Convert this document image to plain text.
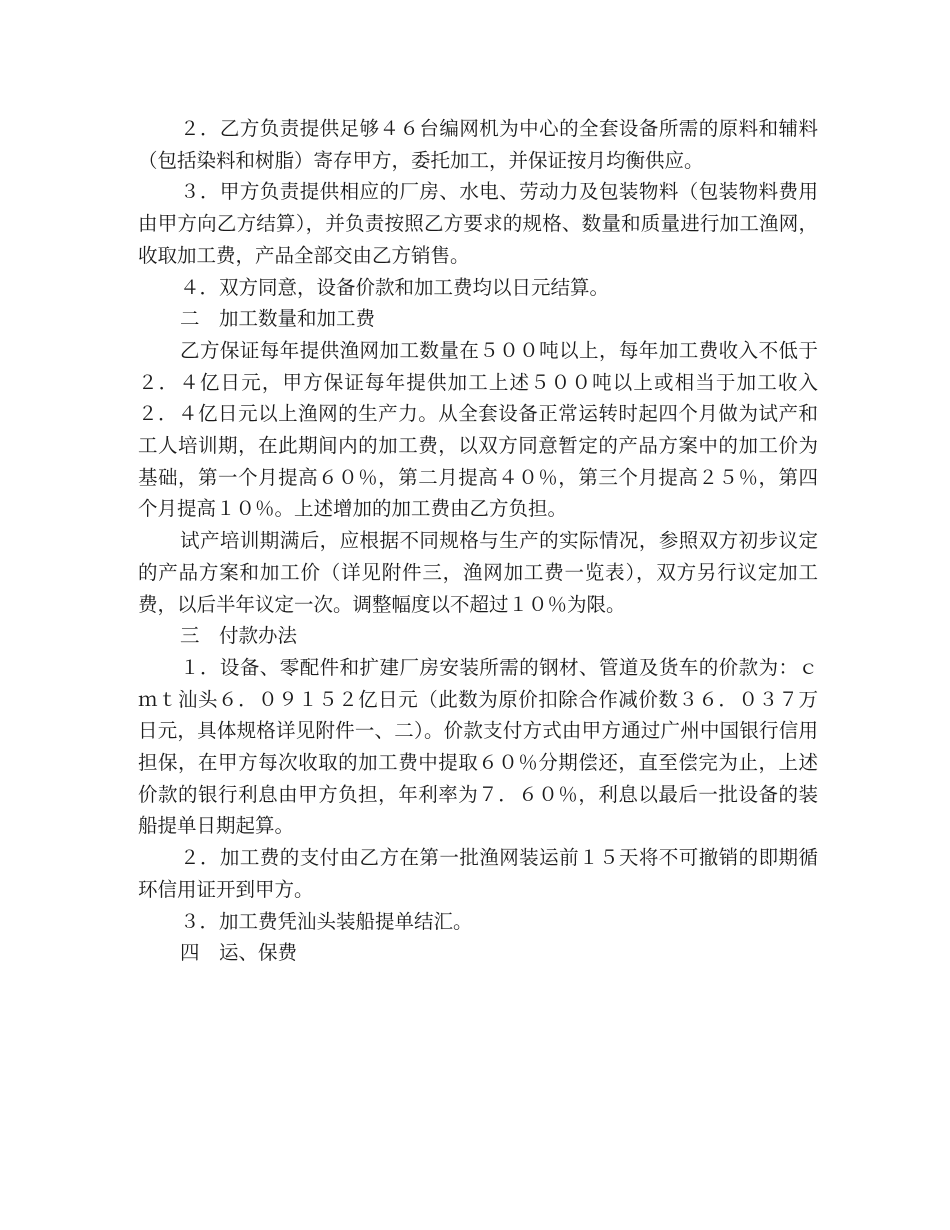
２．乙方负责提供足够４６台编网机为中心的全套设备所需的原料和辅料（包括染料和树脂）寄存甲方，委托加工，并保证按月均衡供应。

３．甲方负责提供相应的厂房、水电、劳动力及包装物料（包装物料费用由甲方向乙方结算），并负责按照乙方要求的规格、数量和质量进行加工渔网，收取加工费，产品全部交由乙方销售。

４．双方同意，设备价款和加工费均以日元结算。

二　加工数量和加工费

乙方保证每年提供渔网加工数量在５００吨以上，每年加工费收入不低于２．４亿日元，甲方保证每年提供加工上述５００吨以上或相当于加工收入２．４亿日元以上渔网的生产力。从全套设备正常运转时起四个月做为试产和工人培训期，在此期间内的加工费，以双方同意暂定的产品方案中的加工价为基础，第一个月提高６０％，第二月提高４０％，第三个月提高２５％，第四个月提高１０％。上述增加的加工费由乙方负担。

试产培训期满后，应根据不同规格与生产的实际情况，参照双方初步议定的产品方案和加工价（详见附件三，渔网加工费一览表），双方另行议定加工费，以后半年议定一次。调整幅度以不超过１０％为限。

三　付款办法

１．设备、零配件和扩建厂房安装所需的钢材、管道及货车的价款为：ｃｍｔ汕头６．０９１５２亿日元（此数为原价扣除合作减价数３６．０３７万日元，具体规格详见附件一、二）。价款支付方式由甲方通过广州中国银行信用担保，在甲方每次收取的加工费中提取６０％分期偿还，直至偿完为止，上述价款的银行利息由甲方负担，年利率为７．６０％，利息以最后一批设备的装船提单日期起算。

２．加工费的支付由乙方在第一批渔网装运前１５天将不可撤销的即期循环信用证开到甲方。

３．加工费凭汕头装船提单结汇。

四　运、保费
